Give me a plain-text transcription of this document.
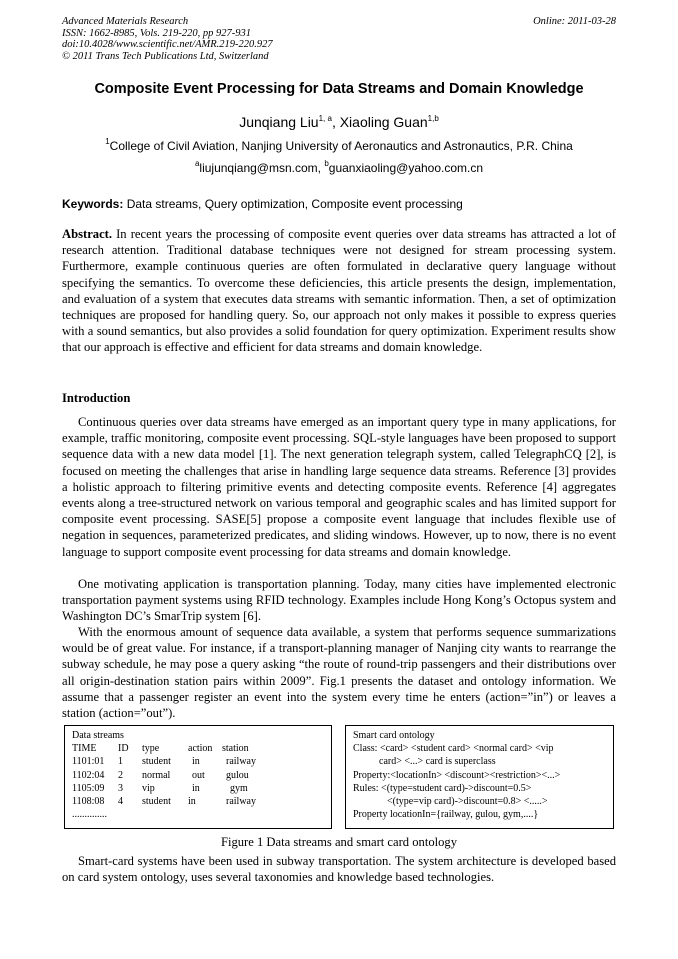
Advanced Materials Research
ISSN: 1662-8985, Vols. 219-220, pp 927-931
doi:10.4028/www.scientific.net/AMR.219-220.927
© 2011 Trans Tech Publications Ltd, Switzerland
Online: 2011-03-28
Composite Event Processing for Data Streams and Domain Knowledge
Junqiang Liu$^{1, a}$, Xiaoling Guan$^{1,b}$
$^1$College of Civil Aviation, Nanjing University of Aeronautics and Astronautics, P.R. China
$^a$liujunqiang@msn.com, $^b$guanxiaoling@yahoo.com.cn
Keywords: Data streams, Query optimization, Composite event processing
Abstract. In recent years the processing of composite event queries over data streams has attracted a lot of research attention. Traditional database techniques were not designed for stream processing system. Furthermore, example continuous queries are often formulated in declarative query language without specifying the semantics. To overcome these deficiencies, this article presents the design, implementation, and evaluation of a system that executes data streams with semantic information. Then, a set of optimization techniques are proposed for handling query. So, our approach not only makes it possible to express queries with a sound semantics, but also provides a solid foundation for query optimization. Experiment results show that our approach is effective and efficient for data streams and domain knowledge.
Introduction
Continuous queries over data streams have emerged as an important query type in many applications, for example, traffic monitoring, composite event processing. SQL-style languages have been proposed to support sequence data with a new data model [1]. The next generation telegraph system, called TelegraphCQ [2], is focused on meeting the challenges that arise in handling large sequence data streams. Reference [3] provides a holistic approach to filtering primitive events and detecting composite events. Reference [4] aggregates events along a tree-structured network on various temporal and geographic scales and has limited support for composite event processing. SASE[5] propose a composite event language that includes flexible use of negation in sequences, parameterized predicates, and sliding windows. However, up to now, there is no event language to support composite event processing for data streams and domain knowledge.
One motivating application is transportation planning. Today, many cities have implemented electronic transportation payment systems using RFID technology. Examples include Hong Kong’s Octopus system and Washington DC’s SmarTrip system [6].
With the enormous amount of sequence data available, a system that performs sequence summarizations would be of great value. For instance, if a transport-planning manager of Nanjing city wants to rearrange the subway schedule, he may pose a query asking “the route of round-trip passengers and their distributions over all origin-destination station pairs within 2009”. Fig.1 presents the dataset and ontology information. We assume that a passenger register an event into the system every time he enters (action=”in”) or leaves a station (action=”out”).
Data streams
TIME	ID	type	action station
1101:01	1	student	in	railway
1102:04	2	normal	out	gulou
1105:09	3	vip	in	gym
1108:08	4	student	in	railway
..............
Smart card ontology
Class: <card> <student card> <normal card> <vip
card> <...> card is superclass
Property:<locationIn> <discount><restriction><...>
Rules: <(type=student card)->discount=0.5>
<(type=vip card)->discount=0.8> <.....>
Property locationIn={railway, gulou, gym,....}
Figure 1 Data streams and smart card ontology
Smart-card systems have been used in subway transportation. The system architecture is developed based on card system ontology, uses several taxonomies and knowledge based technologies.
